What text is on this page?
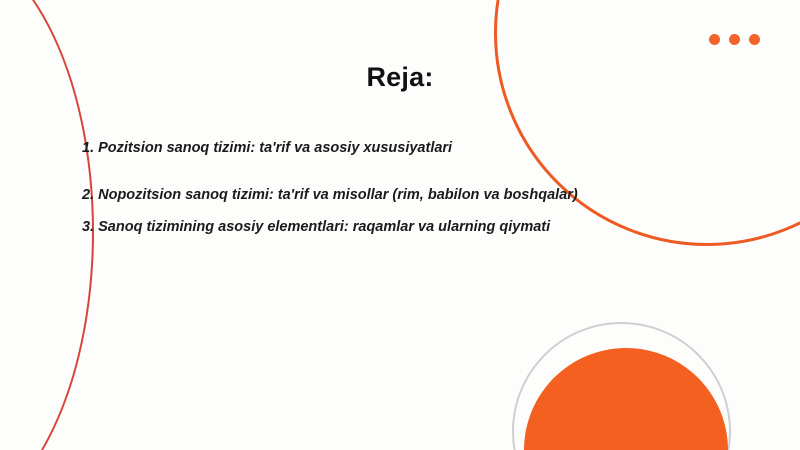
Reja:
1. Pozitsion sanoq tizimi: ta'rif va asosiy xususiyatlari
2. Nopozitsion sanoq tizimi: ta'rif va misollar (rim, babilon va boshqalar)
3. Sanoq tizimining asosiy elementlari: raqamlar va ularning qiymati
